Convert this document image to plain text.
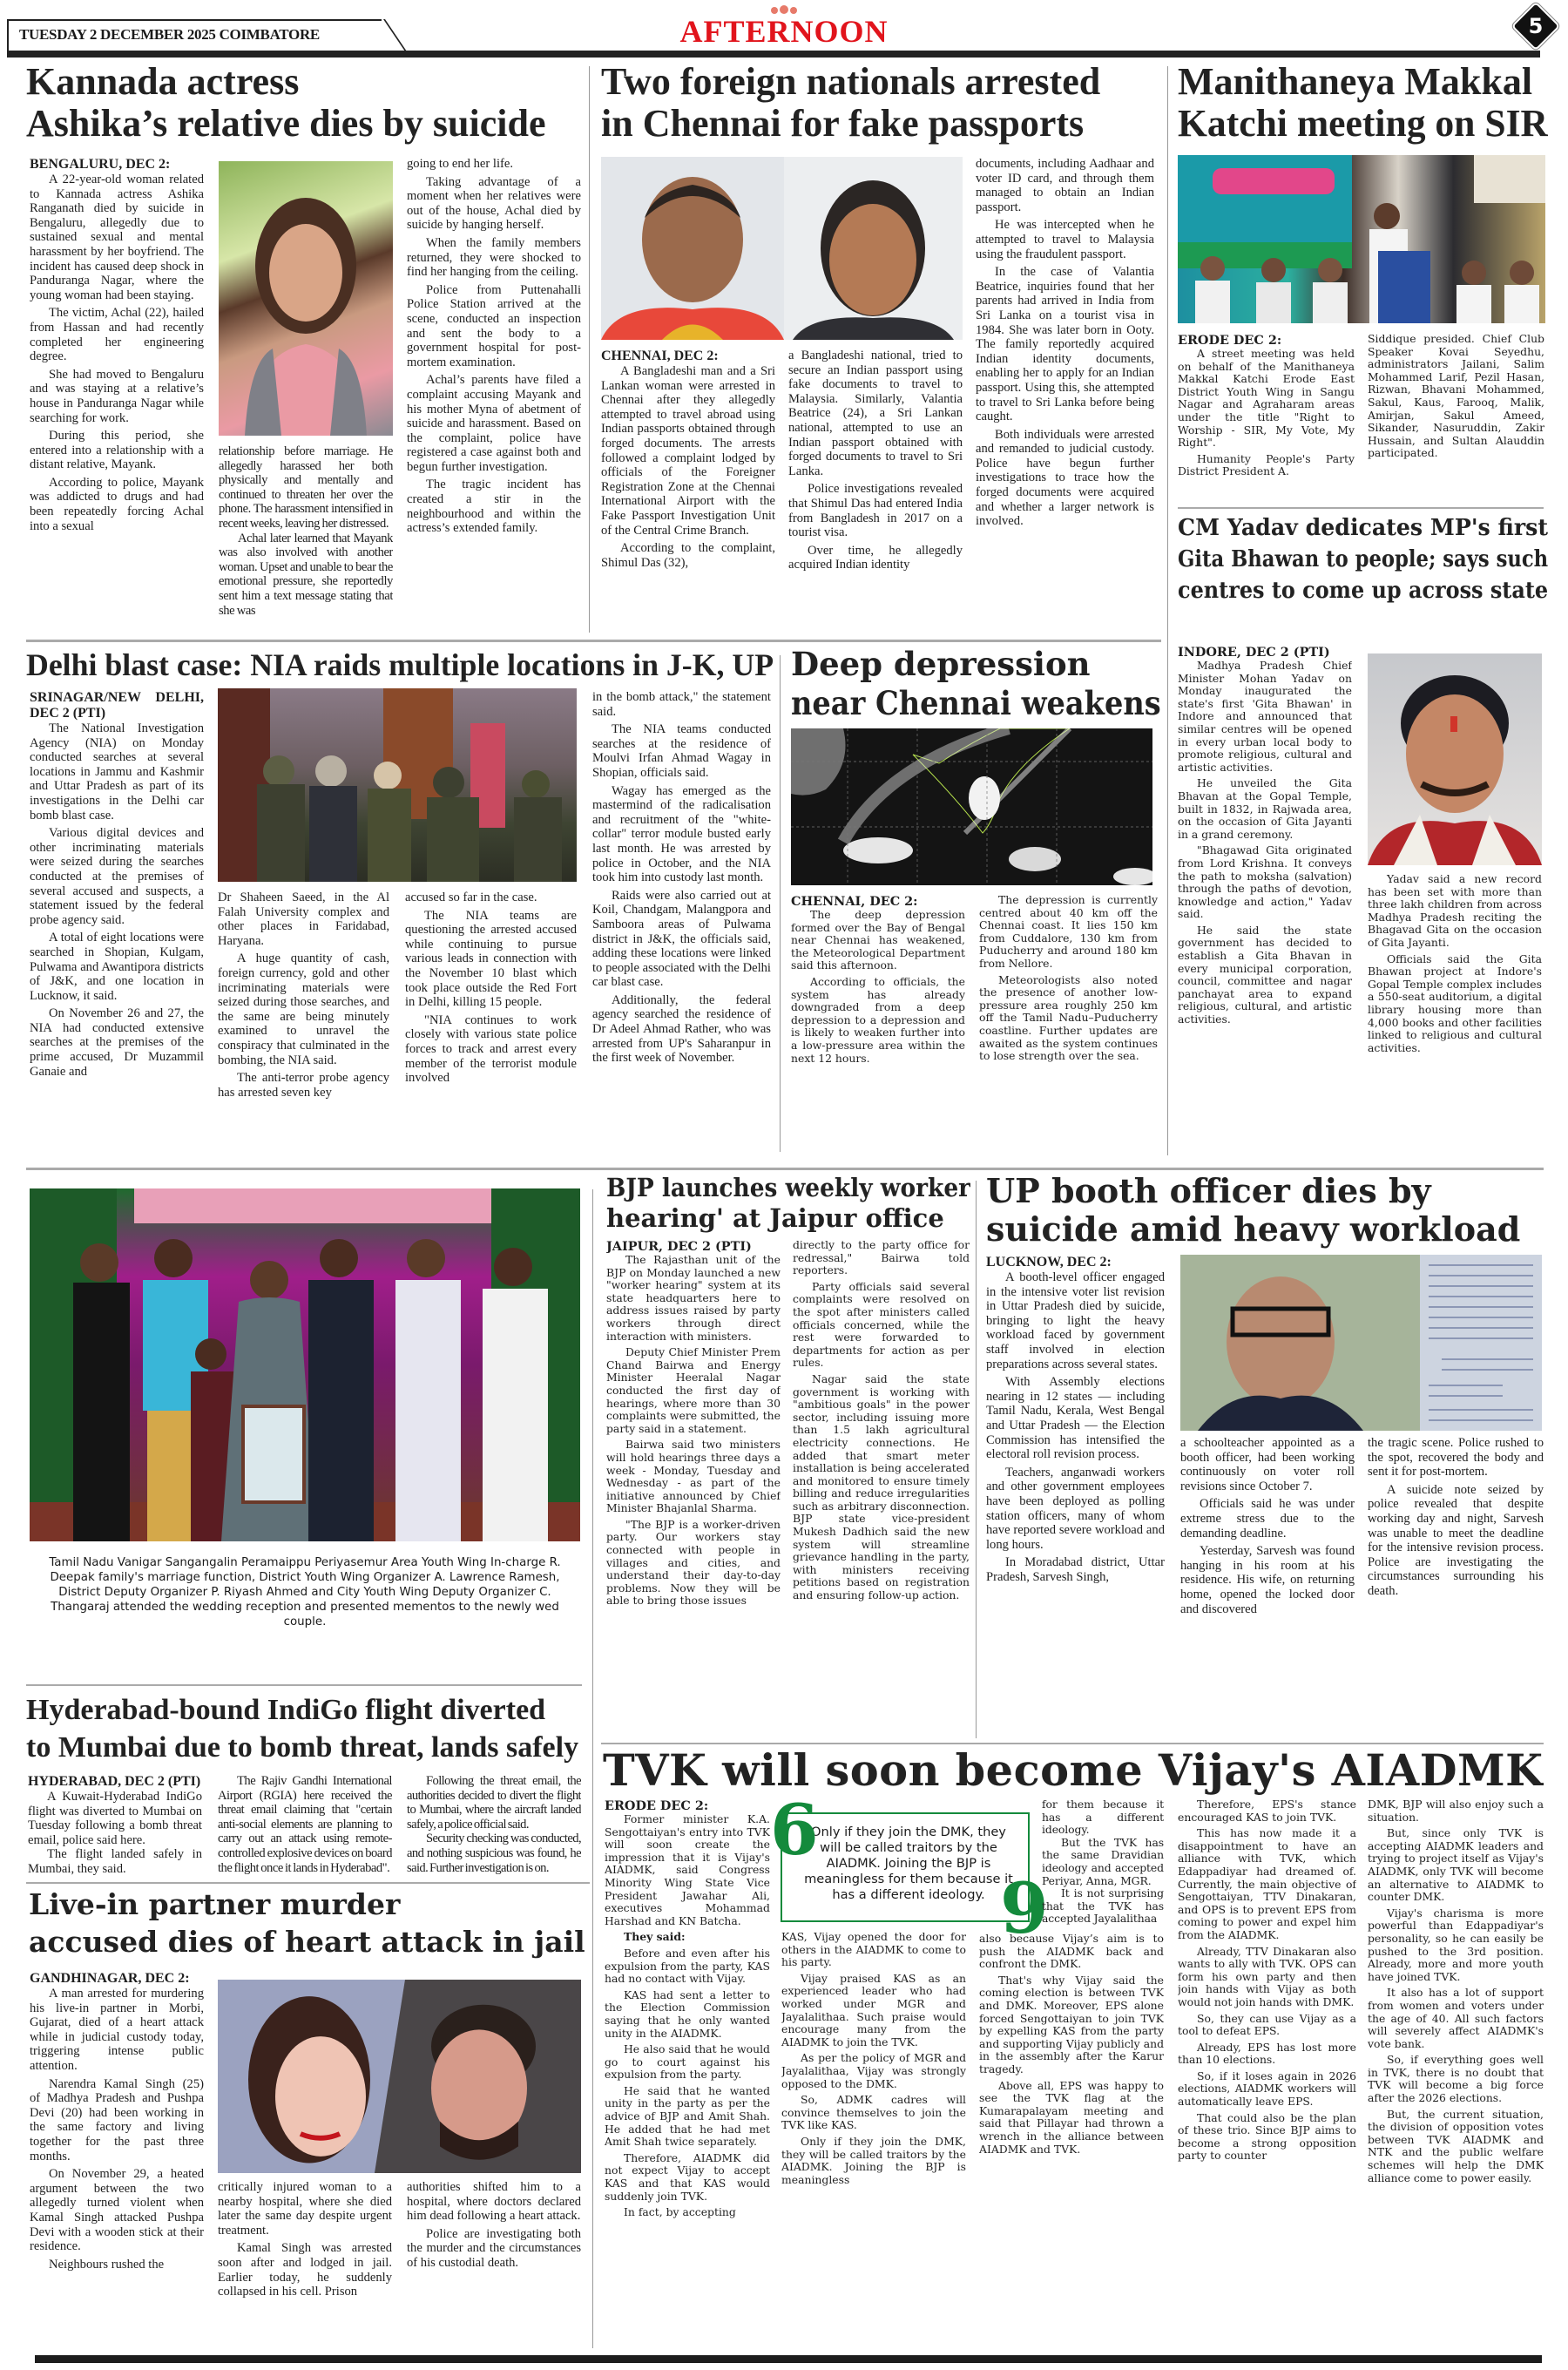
TUESDAY 2 DECEMBER 2025 COIMBATORE	AFTERNOON	5
Kannada actress
Ashika’s relative dies by suicide
BENGALURU, DEC 2:

A 22-year-old woman related to Kannada actress Ashika Ranganath died by suicide in Bengaluru, allegedly due to sustained sexual and mental harassment by her boyfriend. The incident has caused deep shock in Panduranga Nagar, where the young woman had been staying.

The victim, Achal (22), hailed from Hassan and had recently completed her engineering degree.

She had moved to Bengaluru and was staying at a relative’s house in Panduranga Nagar while searching for work.

During this period, she entered into a relationship with a distant relative, Mayank.

According to police, Mayank was addicted to drugs and had been repeatedly forcing Achal into a sexual

relationship before marriage. He allegedly harassed her both physically and mentally and continued to threaten her over the phone. The harassment intensified in recent weeks, leaving her distressed.

Achal later learned that Mayank was also involved with another woman. Upset and unable to bear the emotional pressure, she reportedly sent him a text message stating that she was

going to end her life.

Taking advantage of a moment when her relatives were out of the house, Achal died by suicide by hanging herself.

When the family members returned, they were shocked to find her hanging from the ceiling.

Police from Puttenahalli Police Station arrived at the scene, conducted an inspection and sent the body to a government hospital for post-mortem examination.

Achal’s parents have filed a complaint accusing Mayank and his mother Myna of abetment of suicide and harassment. Based on the complaint, police have registered a case against both and begun further investigation.

The tragic incident has created a stir in the neighbourhood and within the actress’s extended family.

Two foreign nationals arrested
in Chennai for fake passports
CHENNAI, DEC 2:

A Bangladeshi man and a Sri Lankan woman were arrested in Chennai after they allegedly attempted to travel abroad using Indian passports obtained through forged documents. The arrests followed a complaint lodged by officials of the Foreigner Registration Zone at the Chennai International Airport with the Fake Passport Investigation Unit of the Central Crime Branch.

According to the complaint, Shimul Das (32),

a Bangladeshi national, tried to secure an Indian passport using fake documents to travel to Malaysia. Similarly, Valantia Beatrice (24), a Sri Lankan national, attempted to use an Indian passport obtained with forged documents to travel to Sri Lanka.

Police investigations revealed that Shimul Das had entered India from Bangladesh in 2017 on a tourist visa.

Over time, he allegedly acquired Indian identity

documents, including Aadhaar and voter ID card, and through them managed to obtain an Indian passport.

He was intercepted when he attempted to travel to Malaysia using the fraudulent passport.

In the case of Valantia Beatrice, inquiries found that her parents had arrived in India from Sri Lanka on a tourist visa in 1984. She was later born in Ooty. The family reportedly acquired Indian identity documents, enabling her to apply for an Indian passport. Using this, she attempted to travel to Sri Lanka before being caught.

Both individuals were arrested and remanded to judicial custody. Police have begun further investigations to trace how the forged documents were acquired and whether a larger network is involved.

Manithaneya Makkal
Katchi meeting on SIR
ERODE DEC 2:

A street meeting was held on behalf of the Manithaneya Makkal Katchi Erode East District Youth Wing in Sangu Nagar and Agraharam areas under the title "Right to Worship - SIR, My Vote, My Right".

Humanity People's Party District President A.

Siddique presided. Chief Club Speaker Kovai Seyedhu, administrators Jailani, Salim Mohammed Larif, Pezil Hasan, Rizwan, Bhavani Mohammed, Sakul, Kaus, Farooq, Malik, Amirjan, Sakul Ameed, Sikander, Nasuruddin, Zakir Hussain, and Sultan Alauddin participated.

CM Yadav dedicates MP's first
Gita Bhawan to people; says such
centres to come up across state
INDORE, DEC 2 (PTI)

Madhya Pradesh Chief Minister Mohan Yadav on Monday inaugurated the state's first 'Gita Bhawan' in Indore and announced that similar centres will be opened in every urban local body to promote religious, cultural and artistic activities.

He unveiled the Gita Bhavan at the Gopal Temple, built in 1832, in Rajwada area, on the occasion of Gita Jayanti in a grand ceremony.

"Bhagawad Gita originated from Lord Krishna. It conveys the path to moksha (salvation) through the paths of devotion, knowledge and action," Yadav said.

He said the state government has decided to establish a Gita Bhavan in every municipal corporation, council, committee and nagar panchayat area to expand religious, cultural, and artistic activities.

Yadav said a new record has been set with more than three lakh children from across Madhya Pradesh reciting the Bhagavad Gita on the occasion of Gita Jayanti.

Officials said the Gita Bhawan project at Indore's Gopal Temple complex includes a 550-seat auditorium, a digital library housing more than 4,000 books and other facilities linked to religious and cultural activities.

Delhi blast case: NIA raids multiple locations in J-K, UP
SRINAGAR/NEW DELHI, DEC 2 (PTI)

The National Investigation Agency (NIA) on Monday conducted searches at several locations in Jammu and Kashmir and Uttar Pradesh as part of its investigations in the Delhi car bomb blast case.

Various digital devices and other incriminating materials were seized during the searches conducted at the premises of several accused and suspects, a statement issued by the federal probe agency said.

A total of eight locations were searched in Shopian, Kulgam, Pulwama and Awantipora districts of J&K, and one location in Lucknow, it said.

On November 26 and 27, the NIA had conducted extensive searches at the premises of the prime accused, Dr Muzammil Ganaie and

Dr Shaheen Saeed, in the Al Falah University complex and other places in Faridabad, Haryana.

A huge quantity of cash, foreign currency, gold and other incriminating materials were seized during those searches, and the same are being minutely examined to unravel the conspiracy that culminated in the bombing, the NIA said.

The anti-terror probe agency has arrested seven key

accused so far in the case.

The NIA teams are questioning the arrested accused while continuing to pursue various leads in connection with the November 10 blast which took place outside the Red Fort in Delhi, killing 15 people.

"NIA continues to work closely with various state police forces to track and arrest every member of the terrorist module involved

in the bomb attack," the statement said.

The NIA teams conducted searches at the residence of Moulvi Irfan Ahmad Wagay in Shopian, officials said.

Wagay has emerged as the mastermind of the radicalisation and recruitment of the "white-collar" terror module busted early last month. He was arrested by police in October, and the NIA took him into custody last month.

Raids were also carried out at Koil, Chandgam, Malangpora and Samboora areas of Pulwama district in J&K, the officials said, adding these locations were linked to people associated with the Delhi car blast case.

Additionally, the federal agency searched the residence of Dr Adeel Ahmad Rather, who was arrested from UP's Saharanpur in the first week of November.

Deep depression
near Chennai weakens
CHENNAI, DEC 2:

The deep depression formed over the Bay of Bengal near Chennai has weakened, the Meteorological Department said this afternoon.

According to officials, the system has already downgraded from a deep depression to a depression and is likely to weaken further into a low-pressure area within the next 12 hours.

The depression is currently centred about 40 km off the Chennai coast. It lies 150 km from Cuddalore, 130 km from Puducherry and around 180 km from Nellore.

Meteorologists also noted the presence of another low-pressure area roughly 250 km off the Tamil Nadu–Puducherry coastline. Further updates are awaited as the system continues to lose strength over the sea.

Tamil Nadu Vanigar Sangangalin Peramaippu Periyasemur Area Youth Wing In-charge R. Deepak family's marriage function, District Youth Wing Organizer A. Lawrence Ramesh, District Deputy Organizer P. Riyash Ahmed and City Youth Wing Deputy Organizer C. Thangaraj attended the wedding reception and presented mementos to the newly wed couple.
Hyderabad-bound IndiGo flight diverted
to Mumbai due to bomb threat, lands safely
HYDERABAD, DEC 2 (PTI)

A Kuwait-Hyderabad IndiGo flight was diverted to Mumbai on Tuesday following a bomb threat email, police said here.

The flight landed safely in Mumbai, they said.

The Rajiv Gandhi International Airport (RGIA) here received the threat email claiming that "certain anti-social elements are planning to carry out an attack using remote-controlled explosive devices on board the flight once it lands in Hyderabad".

Following the threat email, the authorities decided to divert the flight to Mumbai, where the aircraft landed safely, a police official said.

Security checking was conducted, and nothing suspicious was found, he said. Further investigation is on.

Live-in partner murder
accused dies of heart attack in jail
GANDHINAGAR, DEC 2:

A man arrested for murdering his live-in partner in Morbi, Gujarat, died of a heart attack while in judicial custody today, triggering intense public attention.

Narendra Kamal Singh (25) of Madhya Pradesh and Pushpa Devi (20) had been working in the same factory and living together for the past three months.

On November 29, a heated argument between the two allegedly turned violent when Kamal Singh attacked Pushpa Devi with a wooden stick at their residence.

Neighbours rushed the

critically injured woman to a nearby hospital, where she died later the same day despite urgent treatment.

Kamal Singh was arrested soon after and lodged in jail. Earlier today, he suddenly collapsed in his cell. Prison

authorities shifted him to a hospital, where doctors declared him dead following a heart attack.

Police are investigating both the murder and the circumstances of his custodial death.

BJP launches weekly worker
hearing' at Jaipur office
JAIPUR, DEC 2 (PTI)

The Rajasthan unit of the BJP on Monday launched a new "worker hearing" system at its state headquarters here to address issues raised by party workers through direct interaction with ministers.

Deputy Chief Minister Prem Chand Bairwa and Energy Minister Heeralal Nagar conducted the first day of hearings, where more than 30 complaints were submitted, the party said in a statement.

Bairwa said two ministers will hold hearings three days a week - Monday, Tuesday and Wednesday - as part of the initiative announced by Chief Minister Bhajanlal Sharma.

"The BJP is a worker-driven party. Our workers stay connected with people in villages and cities, and understand their day-to-day problems. Now they will be able to bring those issues

directly to the party office for redressal," Bairwa told reporters.

Party officials said several complaints were resolved on the spot after ministers called officials concerned, while the rest were forwarded to departments for action as per rules.

Nagar said the state government is working with "ambitious goals" in the power sector, including issuing more than 1.5 lakh agricultural electricity connections. He added that smart meter installation is being accelerated and monitored to ensure timely billing and reduce irregularities such as arbitrary disconnection. BJP state vice-president Mukesh Dadhich said the new system will streamline grievance handling in the party, with ministers receiving petitions based on registration and ensuring follow-up action.

UP booth officer dies by
suicide amid heavy workload
LUCKNOW, DEC 2:

A booth-level officer engaged in the intensive voter list revision in Uttar Pradesh died by suicide, bringing to light the heavy workload faced by government staff involved in election preparations across several states.

With Assembly elections nearing in 12 states — including Tamil Nadu, Kerala, West Bengal and Uttar Pradesh — the Election Commission has intensified the electoral roll revision process.

Teachers, anganwadi workers and other government employees have been deployed as polling station officers, many of whom have reported severe workload and long hours.

In Moradabad district, Uttar Pradesh, Sarvesh Singh,

a schoolteacher appointed as a booth officer, had been working continuously on voter roll revisions since October 7.

Officials said he was under extreme stress due to the demanding deadline.

Yesterday, Sarvesh was found hanging in his room at his residence. His wife, on returning home, opened the locked door and discovered

the tragic scene. Police rushed to the spot, recovered the body and sent it for post-mortem.

A suicide note seized by police revealed that despite working day and night, Sarvesh was unable to meet the deadline for the intensive revision process. Police are investigating the circumstances surrounding his death.

TVK will soon become Vijay's AIADMK
ERODE DEC 2:

Former minister K.A. Sengottaiyan's entry into TVK will soon create the impression that it is Vijay's AIADMK, said Congress Minority Wing State Vice President Jawahar Ali, executives Mohammad Harshad and KN Batcha.

They said:

Before and even after his expulsion from the party, KAS had no contact with Vijay.

KAS had sent a letter to the Election Commission saying that he only wanted unity in the AIADMK.

He also said that he would go to court against his expulsion from the party.

He said that he wanted unity in the party as per the advice of BJP and Amit Shah. He added that he had met Amit Shah twice separately.

Therefore, AIADMK did not expect Vijay to accept KAS and that KAS would suddenly join TVK.

In fact, by accepting

Only if they join the DMK, they will be called traitors by the AIADMK. Joining the BJP is meaningless for them because it has a different ideology.
6
9

KAS, Vijay opened the door for others in the AIADMK to come to his party.

Vijay praised KAS as an experienced leader who had worked under MGR and Jayalalithaa. Such praise would encourage many from the AIADMK to join the TVK.

As per the policy of MGR and Jayalalithaa, Vijay was strongly opposed to the DMK.

So, ADMK cadres will convince themselves to join the TVK like KAS.

Only if they join the DMK, they will be called traitors by the AIADMK. Joining the BJP is meaningless

for them because it has a different ideology.

But the TVK has the same Dravidian ideology and accepted Periyar, Anna, MGR.

It is not surprising that the TVK has accepted Jayalalithaa

also because Vijay’s aim is to push the AIADMK back and confront the DMK.

That's why Vijay said the coming election is between TVK and DMK. Moreover, EPS alone forced Sengottaiyan to join TVK by expelling KAS from the party and supporting Vijay publicly and in the assembly after the Karur tragedy.

Above all, EPS was happy to see the TVK flag at the Kumarapalayam meeting and said that Pillayar had thrown a wrench in the alliance between AIADMK and TVK.

Therefore, EPS's stance encouraged KAS to join TVK.

This has now made it a disappointment to have an alliance with TVK, which Edappadiyar had dreamed of. Currently, the main objective of Sengottaiyan, TTV Dinakaran, and OPS is to prevent EPS from coming to power and expel him from the AIADMK.

Already, TTV Dinakaran also wants to ally with TVK. OPS can form his own party and then join hands with Vijay as both would not join hands with DMK.

So, they can use Vijay as a tool to defeat EPS.

Already, EPS has lost more than 10 elections.

So, if it loses again in 2026 elections, AIADMK workers will automatically leave EPS.

That could also be the plan of these trio. Since BJP aims to become a strong opposition party to counter

DMK, BJP will also enjoy such a situation.

But, since only TVK is accepting AIADMK leaders and trying to project itself as Vijay's AIADMK, only TVK will become an alternative to AIADMK to counter DMK.

Vijay's charisma is more powerful than Edappadiyar's personality, so he can easily be pushed to the 3rd position. Already, more and more youth have joined TVK.

It also has a lot of support from women and voters under the age of 40. All such factors will severely affect AIADMK's vote bank.

So, if everything goes well in TVK, there is no doubt that TVK will become a big force after the 2026 elections.

But, the current situation, the division of opposition votes between TVK AIADMK and NTK and the public welfare schemes will help the DMK alliance come to power easily.
